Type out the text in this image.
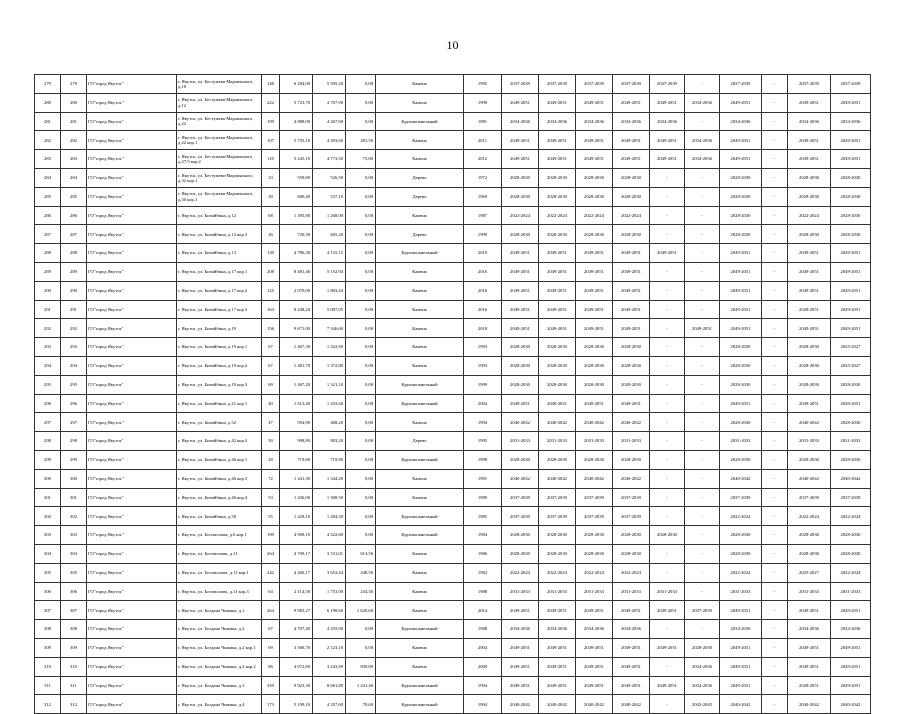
10
279	279	ГО"город Якутск"	г. Якутск, ул. Бестужева-Марлинского, д.10	148	6 284,00	5 595,20	0,00	Камень	1995	2037-2039	2037-2039	2037-2039	2037-2039	2037-2039	-	2037-2039	-	2037-2039	2037-2039
280	280	ГО"город Якутск"	г. Якутск, ул. Бестужева-Марлинского, д.12	222	5 723,70	4 707,90	0,00	Камень	1999	2049-2051	2049-2051	2049-2051	2049-2051	2049-2051	2034-2036	2049-2051	-	2049-2051	2049-2051
281	281	ГО"город Якутск"	г. Якутск, ул. Бестужева-Марлинского, д.22	199	4 888,00	4 267,90	0,00	Крупнопанельный	1981	2034-2036	2034-2036	2034-2036	2034-2036	2034-2036	-	2034-2036	-	2034-2036	2034-2036
282	282	ГО"город Якутск"	г. Якутск, ул. Бестужева-Марлинского, д.22 кор.1	107	5 755,10	4 493,60	281,50	Камень	2011	2049-2051	2049-2051	2049-2051	2049-2051	2049-2051	2034-2036	2049-2051	-	2049-2051	2049-2051
283	283	ГО"город Якутск"	г. Якутск, ул. Бестужева-Марлинского, д.27/3 кор.2	118	5 245,10	4 773,50	75,00	Камень	2012	2049-2051	2049-2051	2049-2051	2049-2051	2049-2051	2034-2036	2049-2051	-	2049-2051	2049-2051
284	284	ГО"город Якутск"	г. Якутск, ул. Бестужева-Марлинского, д.32 кор.1	33	559,80	526,50	0,00	Дерево	1972	2028-2030	2028-2030	2028-2030	2028-2030	-	-	2028-2030	-	2028-2030	2028-2030
285	285	ГО"город Якутск"	г. Якутск, ул. Бестужева-Марлинского, д.50 кор.1	30	600,40	537,10	0,00	Дерево	1969	2028-2030	2028-2030	2028-2030	2028-2030	-	-	2028-2030	-	2028-2030	2028-2030
286	286	ГО"город Якутск"	г. Якутск, ул. Бизийбина, д.12	68	1 395,80	1 268,00	0,00	Камень	1987	2022-2024	2022-2024	2022-2024	2022-2024	-	-	2028-2030	-	2022-2024	2028-2030
287	287	ГО"город Якутск"	г. Якутск, ул. Бизийбина, д.12 кор.3	26	720,30	605,20	0,00	Дерево	1999	2028-2030	2028-2030	2028-2030	2028-2030	-	-	2028-2030	-	2028-2030	2028-2030
288	288	ГО"город Якутск"	г. Якутск, ул. Бизийбина, д.13	130	4 786,30	4 155,15	0,00	Крупнопанельный	2010	2049-2051	2049-2051	2049-2051	2049-2051	2049-2051	-	2049-2051	-	2049-2051	2049-2051
289	289	ГО"город Якутск"	г. Якутск, ул. Бизийбина, д.17 кор.1	208	8 481,46	5 152,94	0,00	Камень	2016	2049-2051	2049-2051	2049-2051	2049-2051	-	-	2049-2051	-	2049-2051	2049-2051
290	290	ГО"город Якутск"	г. Якутск, ул. Бизийбина, д.17 кор.2	125	2 079,00	1 803,44	0,00	Камень	2016	2049-2051	2049-2051	2049-2051	2049-2051	-	-	2049-2051	-	2049-2051	2049-2051
291	291	ГО"город Якутск"	г. Якутск, ул. Бизийбина, д.17 кор.3	163	8 438,20	5 087,05	0,00	Камень	2016	2049-2051	2049-2051	2049-2051	2049-2051	-	-	2049-2051	-	2049-2051	2049-2051
292	292	ГО"город Якутск"	г. Якутск, ул. Бизийбина, д.19	156	9 671,00	7 346,60	0,00	Камень	2018	2049-2051	2049-2051	2049-2051	2049-2051	-	2049-2051	2049-2051	-	2049-2051	2049-2051
293	293	ГО"город Якутск"	г. Якутск, ул. Бизийбина, д.19 кор.1	67	1 467,30	1 322,90	0,00	Камень	1993	2028-2030	2028-2030	2028-2030	2028-2030	-	-	2028-2030	-	2028-2030	2025-2027
294	294	ГО"город Якутск"	г. Якутск, ул. Бизийбина, д.19 кор.2	67	1 481,70	1 372,80	0,00	Камень	1993	2028-2030	2028-2030	2028-2030	2028-2030	-	-	2028-2030	-	2028-2030	2025-2027
295	295	ГО"город Якутск"	г. Якутск, ул. Бизийбина, д.19 кор.3	69	1 467,20	1 321,10	0,00	Крупнопанельный	1999	2028-2030	2028-2030	2028-2030	2028-2030	-	-	2028-2030	-	2028-2030	2028-2030
296	296	ГО"город Якутск"	г. Якутск, ул. Бизийбина, д.21 кор.1	40	1 613,40	1 433,60	0,00	Крупнопанельный	2004	2049-2051	2049-2051	2049-2051	2049-2051	-	-	2049-2051	-	2049-2051	2049-2051
297	297	ГО"город Якутск"	г. Якутск, ул. Бизийбина, д.32	47	594,90	468,20	0,00	Камень	1994	2040-2042	2040-2042	2040-2042	2040-2042	-	-	2028-2030	-	2040-2042	2028-2030
298	298	ГО"город Якутск"	г. Якутск, ул. Бизийбина, д.42 кор.2	50	998,80	883,20	0,00	Дерево	1995	2031-2033	2031-2033	2031-2033	2031-2033	-	-	2031-2033	-	2031-2033	2031-2033
299	299	ГО"город Якутск"	г. Якутск, ул. Бизийбина, д.46 кор.1	28	719,80	719,80	0,00	Крупнопанельный	1998	2028-2030	2028-2030	2028-2030	2028-2030	-	-	2028-2030	-	2028-2030	2028-2030
300	300	ГО"город Якутск"	г. Якутск, ул. Бизийбина, д.46 кор.3	72	1 441,30	1 344,20	0,00	Камень	1991	2040-2042	2040-2042	2040-2042	2040-2042	-	-	2040-2042	-	2040-2042	2040-2042
301	301	ГО"город Якутск"	г. Якутск, ул. Бизийбина, д.46 кор.4	53	1 436,00	1 308,50	0,00	Камень	1989	2037-2039	2037-2039	2037-2039	2037-2039	-	-	2037-2039	-	2037-2039	2037-2039
302	302	ГО"город Якутск"	г. Якутск, ул. Бизийбина, д.50	55	1 429,10	1 284,30	0,00	Крупнопанельный	1985	2037-2039	2037-2039	2037-2039	2037-2039	-	-	2022-2024	-	2022-2024	2022-2024
303	303	ГО"город Якутск"	г. Якутск, ул. Богомолова, д.6 кор.1	199	4 908,10	4 322,60	0,00	Крупнопанельный	1984	2028-2030	2028-2030	2028-2030	2028-2030	2028-2030	-	2028-2030	-	2028-2030	2028-2030
304	304	ГО"город Якутск"	г. Якутск, ул. Богомолова, д.11	264	4 709,17	3 531,01	613,56	Камень	1986	2028-2030	2028-2030	2028-2030	2028-2030	-	-	2028-2030	-	2028-2030	2028-2030
305	305	ГО"город Якутск"	г. Якутск, ул. Богомолова, д.11 кор.1	242	4 260,17	3 652,44	448,50	Камень	1982	2022-2024	2022-2024	2022-2024	2022-2024	-	-	2022-2024	-	2025-2027	2022-2024
306	306	ГО"город Якутск"	г. Якутск, ул. Богомолова, д.11 кор.3	64	2 114,58	1 753,00	234,30	Камень	1988	2031-2033	2031-2033	2031-2033	2031-2033	2031-2033	-	2031-2033	-	2031-2033	2031-2033
307	307	ГО"город Якутск"	г. Якутск, ул. Богдана Чижика, д.1	264	9 983,27	6 198,60	1 620,60	Камень	2014	2049-2051	2049-2051	2049-2051	2049-2051	2049-2051	2037-2039	2049-2051	-	2049-2051	2049-2051
308	308	ГО"город Якутск"	г. Якутск, ул. Богдана Чижика, д.2	67	4 707,40	4 255,00	0,00	Крупнопанельный	1988	2034-2036	2034-2036	2034-2036	2034-2036	-	-	2034-2036	-	2034-2036	2034-2036
309	309	ГО"город Якутск"	г. Якутск, ул. Богдана Чижика, д.2 кор.1	69	3 306,70	2 123,10	0,00	Камень	2004	2049-2051	2049-2051	2049-2051	2049-2051	2049-2051	2028-2030	2049-2051	-	2049-2051	2049-2051
310	310	ГО"город Якутск"	г. Якутск, ул. Богдана Чижика, д.2 кор.2	86	4 072,80	3 243,89	839,80	Камень	2009	2049-2051	2049-2051	2049-2051	2049-2051	-	2034-2036	2049-2051	-	2049-2051	2049-2051
311	311	ГО"город Якутск"	г. Якутск, ул. Богдана Чижика, д.3	359	9 923,30	8 681,80	1 241,40	Крупнопанельный	1994	2049-2051	2049-2051	2049-2051	2049-2051	2049-2051	2034-2036	2049-2051	-	2049-2051	2049-2051
312	312	ГО"город Якутск"	г. Якутск, ул. Богдана Чижика, д.4	173	5 199,10	4 357,60	78,60	Крупнопанельный	1994	2040-2042	2040-2042	2040-2042	2040-2042	-	2043-2045	2040-2042	-	2040-2042	2040-2042
